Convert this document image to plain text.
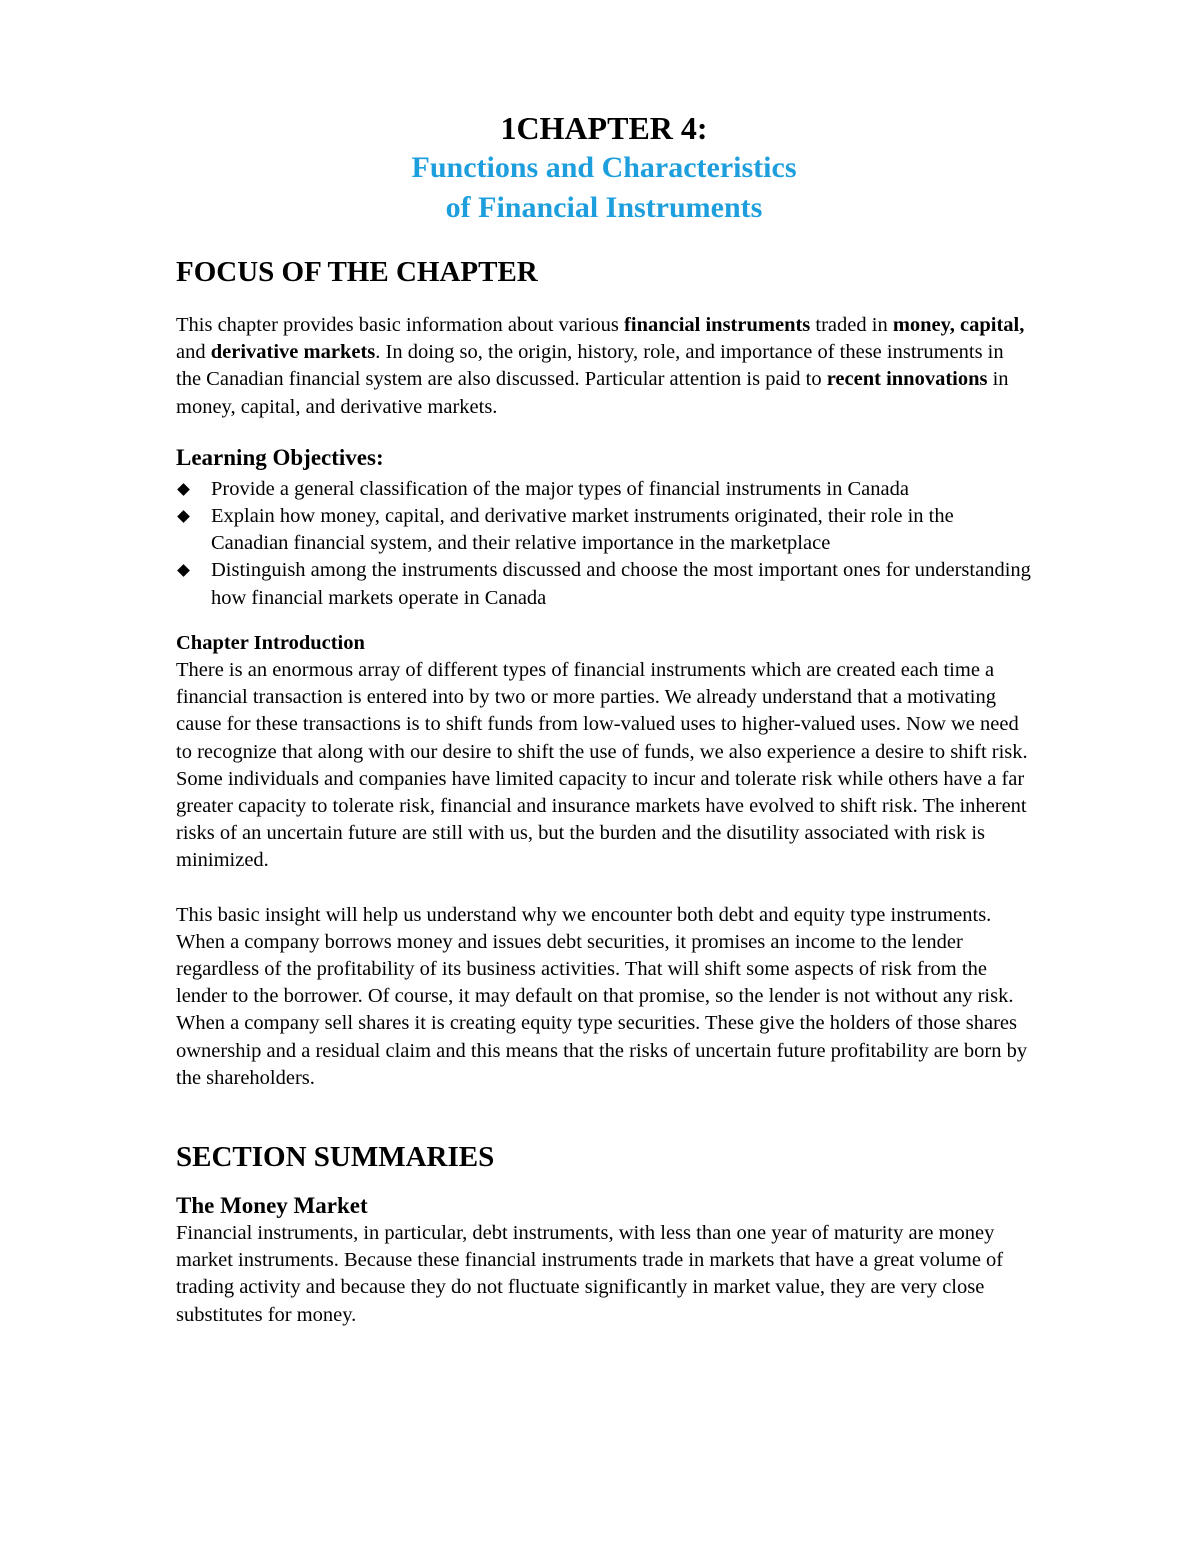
1CHAPTER 4:

Functions and Characteristics

of Financial Instruments

FOCUS OF THE CHAPTER

This chapter provides basic information about various financial instruments traded in money, capital, and derivative markets. In doing so, the origin, history, role, and importance of these instruments in the Canadian financial system are also discussed. Particular attention is paid to recent innovations in money, capital, and derivative markets.

Learning Objectives:

Provide a general classification of the major types of financial instruments in Canada
Explain how money, capital, and derivative market instruments originated, their role in the Canadian financial system, and their relative importance in the marketplace
Distinguish among the instruments discussed and choose the most important ones for understanding how financial markets operate in Canada

Chapter Introduction

There is an enormous array of different types of financial instruments which are created each time a financial transaction is entered into by two or more parties. We already understand that a motivating cause for these transactions is to shift funds from low-valued uses to higher-valued uses. Now we need to recognize that along with our desire to shift the use of funds, we also experience a desire to shift risk. Some individuals and companies have limited capacity to incur and tolerate risk while others have a far greater capacity to tolerate risk, financial and insurance markets have evolved to shift risk. The inherent risks of an uncertain future are still with us, but the burden and the disutility associated with risk is minimized.

This basic insight will help us understand why we encounter both debt and equity type instruments. When a company borrows money and issues debt securities, it promises an income to the lender regardless of the profitability of its business activities. That will shift some aspects of risk from the lender to the borrower. Of course, it may default on that promise, so the lender is not without any risk. When a company sell shares it is creating equity type securities. These give the holders of those shares ownership and a residual claim and this means that the risks of uncertain future profitability are born by the shareholders.

SECTION SUMMARIES

The Money Market

Financial instruments, in particular, debt instruments, with less than one year of maturity are money market instruments. Because these financial instruments trade in markets that have a great volume of trading activity and because they do not fluctuate significantly in market value, they are very close substitutes for money.
